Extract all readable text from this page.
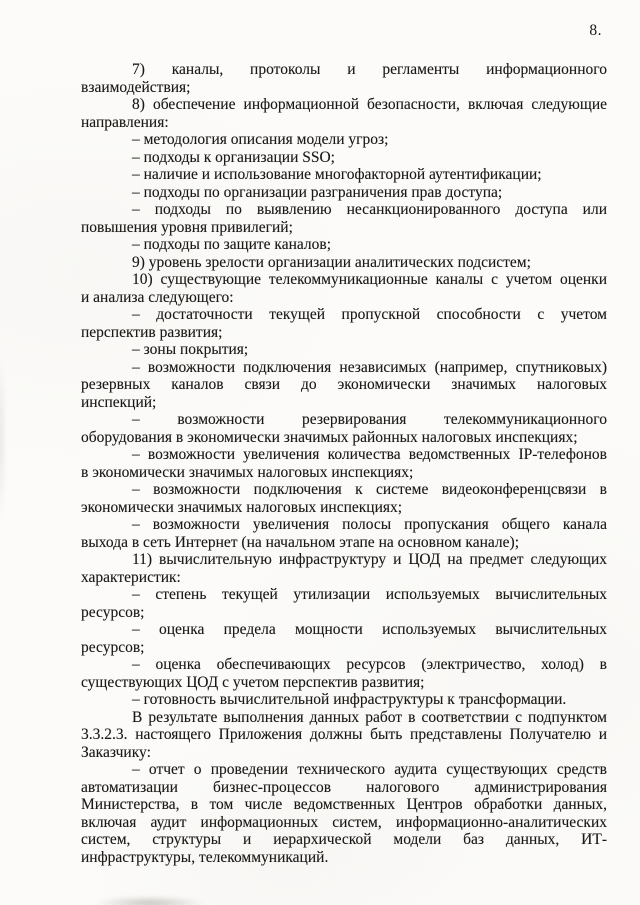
8.
7) каналы, протоколы и регламенты информационного
взаимодействия;
8) обеспечение информационной безопасности, включая следующие
направления:
– методология описания модели угроз;
– подходы к организации SSO;
– наличие и использование многофакторной аутентификации;
– подходы по организации разграничения прав доступа;
– подходы по выявлению несанкционированного доступа или
повышения уровня привилегий;
– подходы по защите каналов;
9) уровень зрелости организации аналитических подсистем;
10) существующие телекоммуникационные каналы с учетом оценки
и анализа следующего:
– достаточности текущей пропускной способности с учетом
перспектив развития;
– зоны покрытия;
– возможности подключения независимых (например, спутниковых)
резервных каналов связи до экономически значимых налоговых
инспекций;
– возможности резервирования телекоммуникационного
оборудования в экономически значимых районных налоговых инспекциях;
– возможности увеличения количества ведомственных IP-телефонов
в экономически значимых налоговых инспекциях;
– возможности подключения к системе видеоконференцсвязи в
экономически значимых налоговых инспекциях;
– возможности увеличения полосы пропускания общего канала
выхода в сеть Интернет (на начальном этапе на основном канале);
11) вычислительную инфраструктуру и ЦОД на предмет следующих
характеристик:
– степень текущей утилизации используемых вычислительных
ресурсов;
– оценка предела мощности используемых вычислительных
ресурсов;
– оценка обеспечивающих ресурсов (электричество, холод) в
существующих ЦОД с учетом перспектив развития;
– готовность вычислительной инфраструктуры к трансформации.
В результате выполнения данных работ в соответствии с подпунктом
3.3.2.3. настоящего Приложения должны быть представлены Получателю и
Заказчику:
– отчет о проведении технического аудита существующих средств
автоматизации бизнес-процессов налогового администрирования
Министерства, в том числе ведомственных Центров обработки данных,
включая аудит информационных систем, информационно-аналитических
систем, структуры и иерархической модели баз данных, ИТ-
инфраструктуры, телекоммуникаций.
